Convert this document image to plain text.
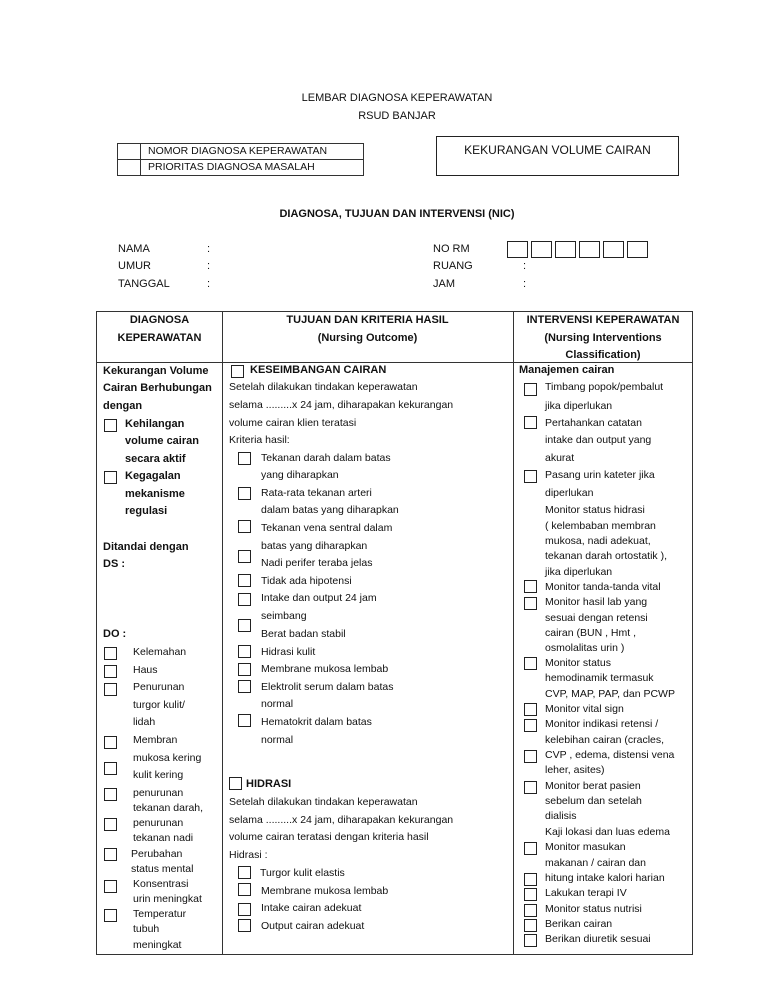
LEMBAR DIAGNOSA KEPERAWATAN
RSUD BANJAR
NOMOR DIAGNOSA KEPERAWATAN
PRIORITAS DIAGNOSA MASALAH
KEKURANGAN VOLUME CAIRAN
DIAGNOSA, TUJUAN DAN INTERVENSI (NIC)
NAMA
UMUR
TANGGAL
:
:
:
NO RM
RUANG
JAM
:
:
DIAGNOSA
KEPERAWATAN
TUJUAN DAN KRITERIA HASIL
(Nursing Outcome)
INTERVENSI KEPERAWATAN
(Nursing Interventions
Classification)
Kekurangan Volume
Cairan Berhubungan
dengan
Kehilangan
volume cairan
secara aktif
Kegagalan
mekanisme
regulasi
Ditandai dengan
DS :
DO :
Kelemahan
Haus
Penurunan
turgor kulit/
lidah
Membran
mukosa kering
kulit kering
penurunan
tekanan darah,
penurunan
tekanan nadi
Perubahan
status mental
Konsentrasi
urin meningkat
Temperatur
tubuh
meningkat
KESEIMBANGAN CAIRAN
Setelah dilakukan tindakan keperawatan
selama .........x 24 jam, diharapakan kekurangan
volume cairan klien teratasi
Kriteria hasil:
Tekanan darah dalam batas
yang diharapkan
Rata-rata tekanan arteri
dalam batas yang diharapkan
Tekanan vena sentral dalam
batas yang diharapkan
Nadi perifer teraba jelas
Tidak ada hipotensi
Intake dan output 24 jam
seimbang
Berat badan stabil
Hidrasi kulit
Membrane mukosa lembab
Elektrolit serum dalam batas
normal
Hematokrit dalam batas
normal
HIDRASI
Setelah dilakukan tindakan keperawatan
selama .........x 24 jam, diharapakan kekurangan
volume cairan teratasi dengan kriteria hasil
Hidrasi :
Turgor kulit elastis
Membrane mukosa lembab
Intake cairan adekuat
Output cairan adekuat
Manajemen cairan
Timbang popok/pembalut
jika diperlukan
Pertahankan catatan
intake dan output yang
akurat
Pasang urin kateter jika
diperlukan
Monitor status hidrasi
( kelembaban membran
mukosa, nadi adekuat,
tekanan darah ortostatik ),
jika diperlukan
Monitor tanda-tanda vital
Monitor hasil lab yang
sesuai dengan retensi
cairan (BUN , Hmt ,
osmolalitas urin )
Monitor status
hemodinamik termasuk
CVP, MAP, PAP, dan PCWP
Monitor vital sign
Monitor indikasi retensi /
kelebihan cairan (cracles,
CVP , edema, distensi vena
leher, asites)
Monitor berat pasien
sebelum dan setelah
dialisis
Kaji lokasi dan luas edema
Monitor masukan
makanan / cairan dan
hitung intake kalori harian
Lakukan terapi IV
Monitor status nutrisi
Berikan cairan
Berikan diuretik sesuai
